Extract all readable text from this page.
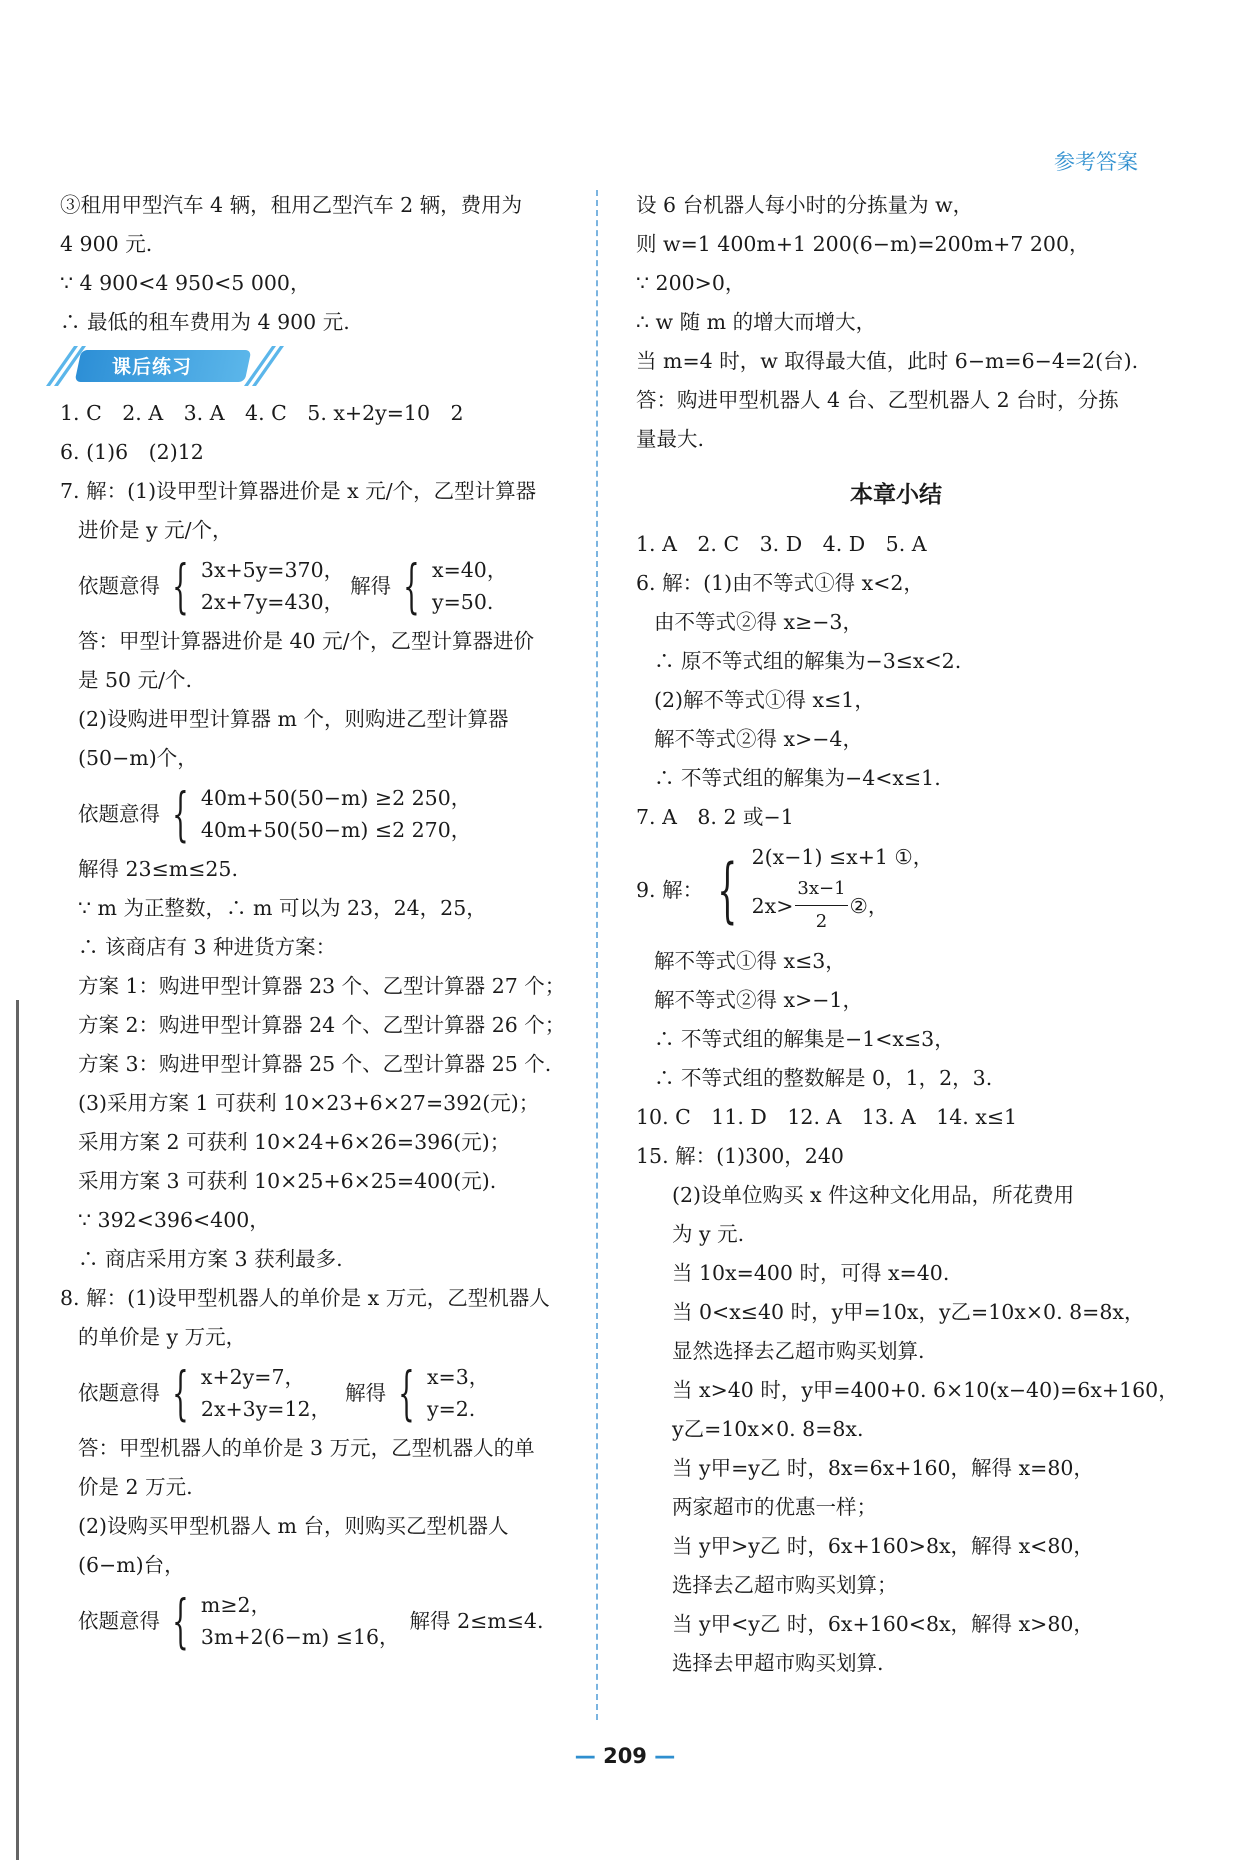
参考答案
③租用甲型汽车 4 辆，租用乙型汽车 2 辆，费用为
4 900 元.
∵ 4 900<4 950<5 000，
∴ 最低的租车费用为 4 900 元.
课后练习
1. C　2. A　3. A　4. C　5. x+2y=10　2
6. (1)6　(2)12
7. 解：(1)设甲型计算器进价是 x 元/个，乙型计算器
进价是 y 元/个，
依题意得 { 3x+5y=370，
2x+7y=430，
解得 { x=40，
y=50.
答：甲型计算器进价是 40 元/个，乙型计算器进价
是 50 元/个.
(2)设购进甲型计算器 m 个，则购进乙型计算器
(50−m)个，
依题意得 { 40m+50(50−m) ≥2 250，
40m+50(50−m) ≤2 270，
解得 23≤m≤25.
∵ m 为正整数，∴ m 可以为 23，24，25，
∴ 该商店有 3 种进货方案：
方案 1：购进甲型计算器 23 个、乙型计算器 27 个；
方案 2：购进甲型计算器 24 个、乙型计算器 26 个；
方案 3：购进甲型计算器 25 个、乙型计算器 25 个.
(3)采用方案 1 可获利 10×23+6×27=392(元)；
采用方案 2 可获利 10×24+6×26=396(元)；
采用方案 3 可获利 10×25+6×25=400(元).
∵ 392<396<400，
∴ 商店采用方案 3 获利最多.
8. 解：(1)设甲型机器人的单价是 x 万元，乙型机器人
的单价是 y 万元，
依题意得 { x+2y=7，
2x+3y=12，
解得 { x=3，
y=2.
答：甲型机器人的单价是 3 万元，乙型机器人的单
价是 2 万元.
(2)设购买甲型机器人 m 台，则购买乙型机器人
(6−m)台，
依题意得 { m≥2，
3m+2(6−m) ≤16，
解得 2≤m≤4.
设 6 台机器人每小时的分拣量为 w，
则 w=1 400m+1 200(6−m)=200m+7 200，
∵ 200>0，
∴ w 随 m 的增大而增大，
当 m=4 时，w 取得最大值，此时 6−m=6−4=2(台).
答：购进甲型机器人 4 台、乙型机器人 2 台时，分拣
量最大.
本章小结
1. A　2. C　3. D　4. D　5. A
6. 解：(1)由不等式①得 x<2，
由不等式②得 x≥−3，
∴ 原不等式组的解集为−3≤x<2.
(2)解不等式①得 x≤1，
解不等式②得 x>−4，
∴ 不等式组的解集为−4<x≤1.
7. A　8. 2 或−1
9. 解： { 2(x−1) ≤x+1 ①，
$2x> \frac{3x-1}{2}$ ②，
解不等式①得 x≤3，
解不等式②得 x>−1，
∴ 不等式组的解集是−1<x≤3，
∴ 不等式组的整数解是 0，1，2，3.
10. C　11. D　12. A　13. A　14. x≤1
15. 解：(1)300，240
(2)设单位购买 x 件这种文化用品，所花费用
为 y 元.
当 10x=400 时，可得 x=40.
当 0<x≤40 时，y甲=10x，y乙=10x×0. 8=8x，
显然选择去乙超市购买划算.
当 x>40 时，y甲=400+0. 6×10(x−40)=6x+160，
y乙=10x×0. 8=8x.
当 y甲=y乙 时，8x=6x+160，解得 x=80，
两家超市的优惠一样；
当 y甲>y乙 时，6x+160>8x，解得 x<80，
选择去乙超市购买划算；
当 y甲<y乙 时，6x+160<8x，解得 x>80，
选择去甲超市购买划算.
— 209 —
